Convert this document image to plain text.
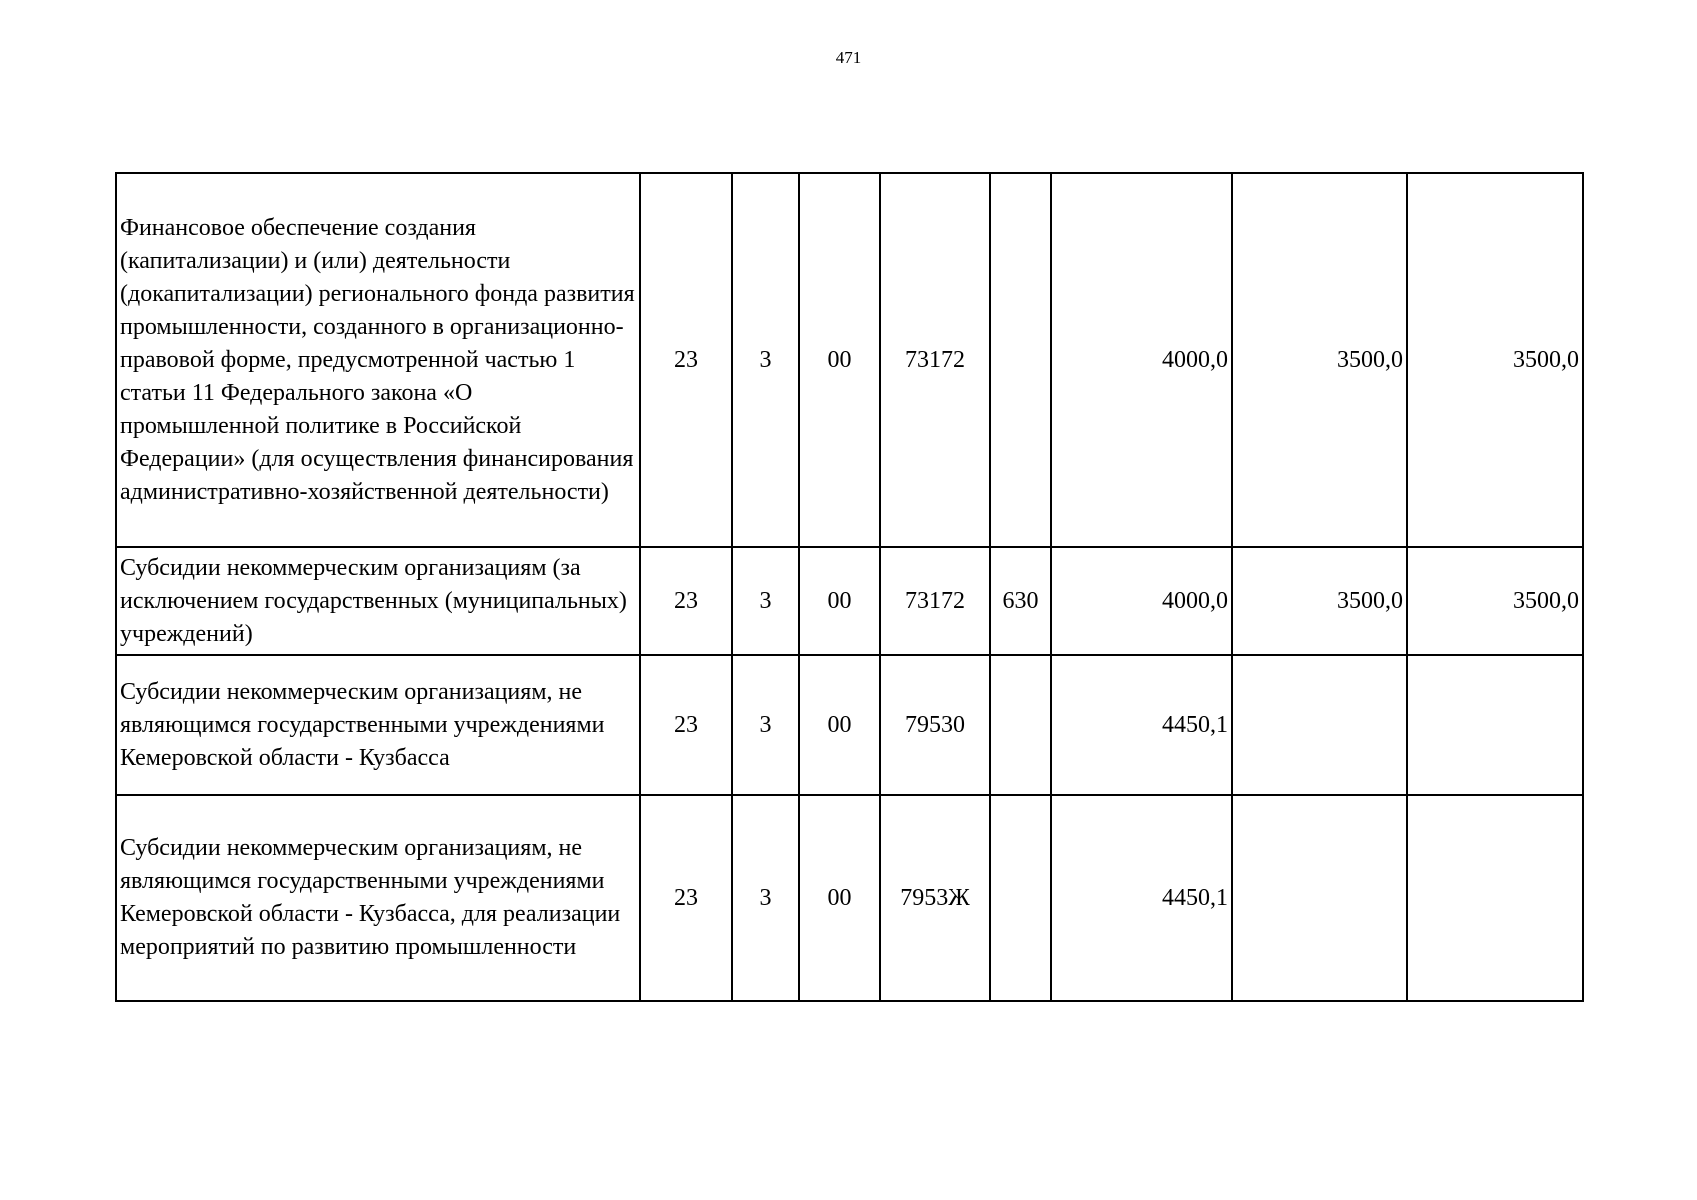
471
Финансовое обеспечение создания (капитализации) и (или) деятельности (докапитализации) регионального фонда развития промышленности, созданного в организационно-правовой форме, предусмотренной частью 1 статьи 11 Федерального закона «О промышленной политике в Российской Федерации» (для осуществления финансирования административно-хозяйственной деятельности)	23	3	00	73172		4000,0	3500,0	3500,0
Субсидии некоммерческим организациям (за исключением государственных (муниципальных) учреждений)	23	3	00	73172	630	4000,0	3500,0	3500,0
Субсидии некоммерческим организациям, не являющимся государственными учреждениями Кемеровской области - Кузбасса	23	3	00	79530		4450,1		
Субсидии некоммерческим организациям, не являющимся государственными учреждениями Кемеровской области - Кузбасса, для реализации мероприятий по развитию промышленности	23	3	00	7953Ж		4450,1		
